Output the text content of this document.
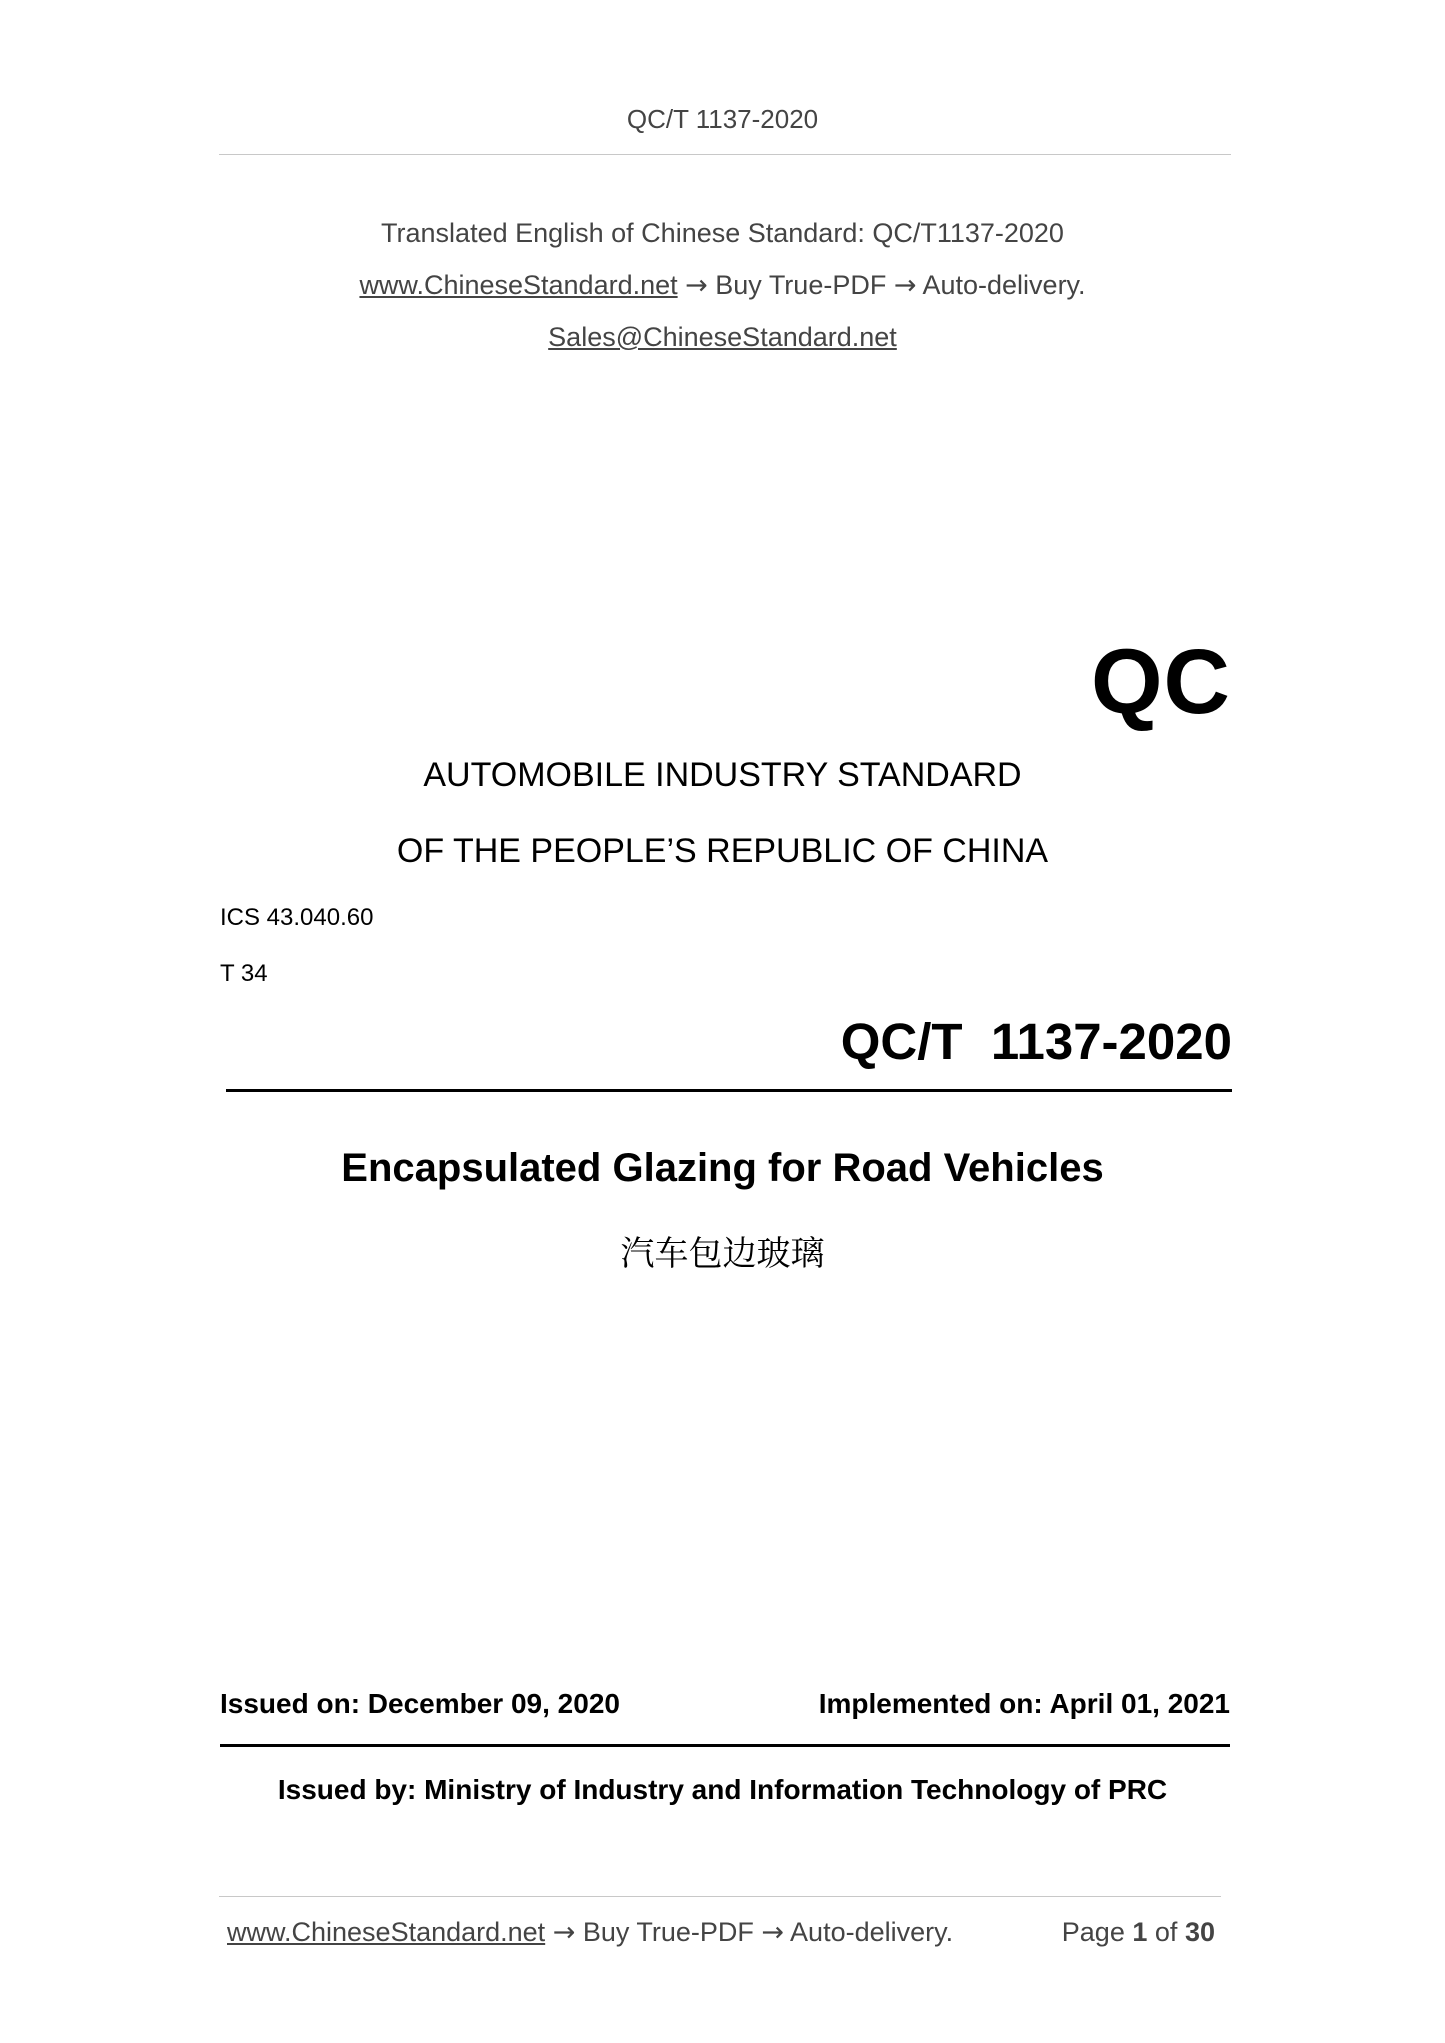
QC/T 1137-2020
Translated English of Chinese Standard: QC/T1137-2020
www.ChineseStandard.net → Buy True-PDF → Auto-delivery.
Sales@ChineseStandard.net
QC
AUTOMOBILE INDUSTRY STANDARD
OF THE PEOPLE’S REPUBLIC OF CHINA
ICS 43.040.60
T 34
QC/T  1137-2020
Encapsulated Glazing for Road Vehicles
汽车包边玻璃
Issued on: December 09, 2020	Implemented on: April 01, 2021
Issued by: Ministry of Industry and Information Technology of PRC
www.ChineseStandard.net → Buy True-PDF → Auto-delivery.	Page 1 of 30
